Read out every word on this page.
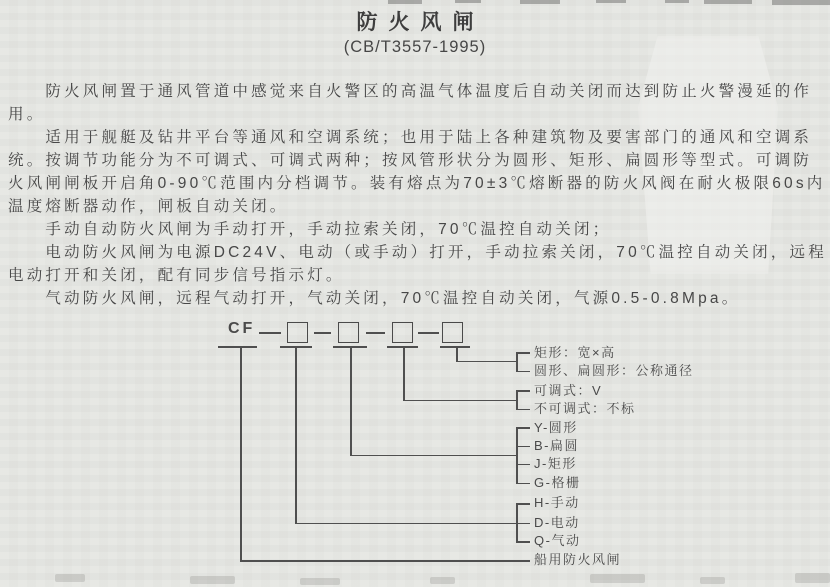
防火风闸
(CB/T3557-1995)
　　防火风闸置于通风管道中感觉来自火警区的高温气体温度后自动关闭而达到防止火警漫延的作
用。
　　适用于舰艇及钻井平台等通风和空调系统；也用于陆上各种建筑物及要害部门的通风和空调系
统。按调节功能分为不可调式、可调式两种；按风管形状分为圆形、矩形、扁圆形等型式。可调防
火风闸闸板开启角0-90℃范围内分档调节。装有熔点为70±3℃熔断器的防火风阀在耐火极限60s内
温度熔断器动作，闸板自动关闭。
　　手动自动防火风闸为手动打开，手动拉索关闭，70℃温控自动关闭；
　　电动防火风闸为电源DC24V、电动（或手动）打开，手动拉索关闭，70℃温控自动关闭，远程
电动打开和关闭，配有同步信号指示灯。
　　气动防火风闸，远程气动打开，气动关闭，70℃温控自动关闭，气源0.5-0.8Mpa。
CF
矩形：宽×高
圆形、扁圆形：公称通径
可调式：V
不可调式：不标
Y-圆形
B-扁圆
J-矩形
G-格栅
H-手动
D-电动
Q-气动
船用防火风闸
